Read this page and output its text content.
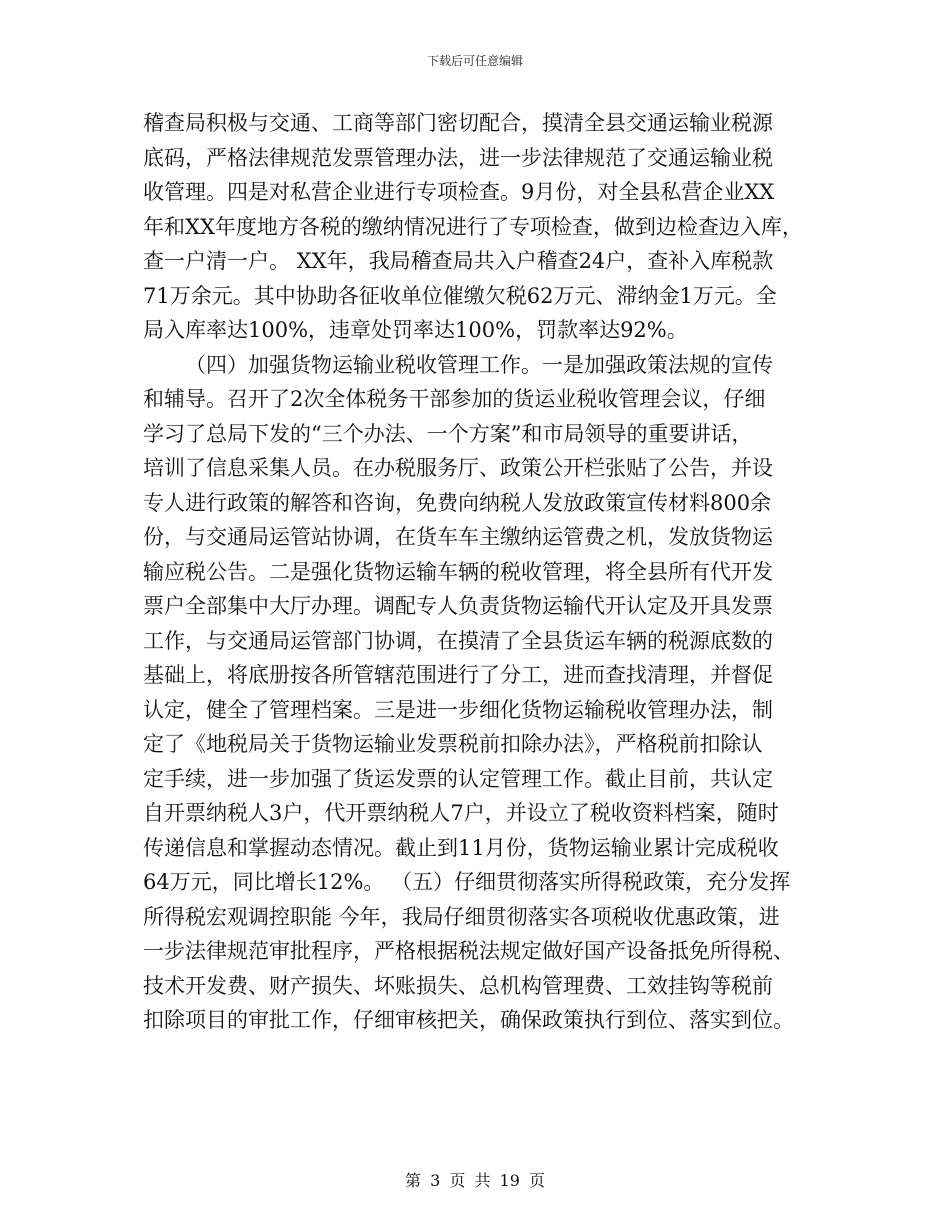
下载后可任意编辑
稽查局积极与交通、工商等部门密切配合，摸清全县交通运输业税源
底码，严格法律规范发票管理办法，进一步法律规范了交通运输业税
收管理。四是对私营企业进行专项检查。9月份，对全县私营企业XX
年和XX年度地方各税的缴纳情况进行了专项检查，做到边检查边入库，
查一户清一户。 XX年，我局稽查局共入户稽查24户，查补入库税款
71万余元。其中协助各征收单位催缴欠税62万元、滞纳金1万元。全
局入库率达100%，违章处罚率达100%，罚款率达92%。
（四）加强货物运输业税收管理工作。一是加强政策法规的宣传
和辅导。召开了2次全体税务干部参加的货运业税收管理会议，仔细
学习了总局下发的“三个办法、一个方案”和市局领导的重要讲话，
培训了信息采集人员。在办税服务厅、政策公开栏张贴了公告，并设
专人进行政策的解答和咨询，免费向纳税人发放政策宣传材料800余
份，与交通局运管站协调，在货车车主缴纳运管费之机，发放货物运
输应税公告。二是强化货物运输车辆的税收管理，将全县所有代开发
票户全部集中大厅办理。调配专人负责货物运输代开认定及开具发票
工作，与交通局运管部门协调，在摸清了全县货运车辆的税源底数的
基础上，将底册按各所管辖范围进行了分工，进而查找清理，并督促
认定，健全了管理档案。三是进一步细化货物运输税收管理办法，制
定了《地税局关于货物运输业发票税前扣除办法》，严格税前扣除认
定手续，进一步加强了货运发票的认定管理工作。截止目前，共认定
自开票纳税人3户，代开票纳税人7户，并设立了税收资料档案，随时
传递信息和掌握动态情况。截止到11月份，货物运输业累计完成税收
64万元，同比增长12%。 （五）仔细贯彻落实所得税政策，充分发挥
所得税宏观调控职能 今年，我局仔细贯彻落实各项税收优惠政策，进
一步法律规范审批程序，严格根据税法规定做好国产设备抵免所得税、
技术开发费、财产损失、坏账损失、总机构管理费、工效挂钩等税前
扣除项目的审批工作，仔细审核把关，确保政策执行到位、落实到位。
第 3 页 共 19 页
